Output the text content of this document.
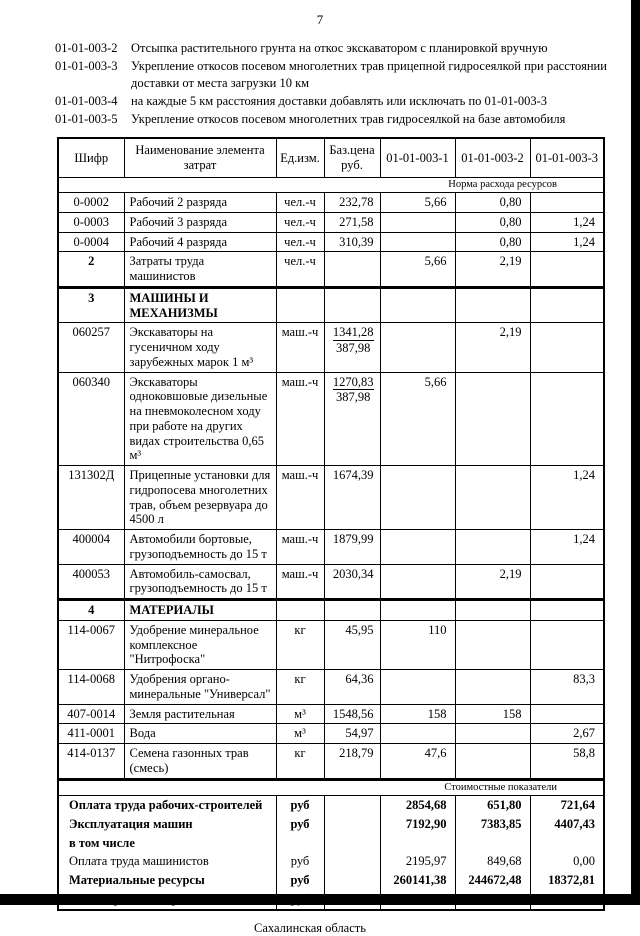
7
01-01-003-2	Отсыпка растительного грунта на откос экскаватором с планировкой вручную
01-01-003-3	Укрепление откосов посевом многолетних трав прицепной гидросеялкой при расстоянии доставки от места загрузки 10 км
01-01-003-4	на каждые 5 км расстояния доставки добавлять или исключать по 01-01-003-3
01-01-003-5	Укрепление откосов посевом многолетних трав гидросеялкой на базе автомобиля
Шифр	Наименование элемента затрат	Ед.изм.	Баз.цена руб.	01-01-003-1	01-01-003-2	01-01-003-3
Норма расхода ресурсов						
0-0002	Рабочий 2 разряда	чел.-ч	232,78	5,66	0,80	
0-0003	Рабочий 3 разряда	чел.-ч	271,58		0,80	1,24
0-0004	Рабочий 4 разряда	чел.-ч	310,39		0,80	1,24
2	Затраты труда машинистов	чел.-ч		5,66	2,19	
3	МАШИНЫ И МЕХАНИЗМЫ					
060257	Экскаваторы на гусеничном ходу зарубежных марок 1 м³	маш.-ч	$\frac{1341,28}{387,98}$		2,19	
060340	Экскаваторы одноковшовые дизельные на пневмоколесном ходу при работе на других видах строительства 0,65 м³	маш.-ч	$\frac{1270,83}{387,98}$	5,66		
131302Д	Прицепные установки для гидропосева многолетних трав, объем резервуара до 4500 л	маш.-ч	1674,39			1,24
400004	Автомобили бортовые, грузоподъемность до 15 т	маш.-ч	1879,99			1,24
400053	Автомобиль-самосвал, грузоподъемность до 15 т	маш.-ч	2030,34		2,19	
4	МАТЕРИАЛЫ					
114-0067	Удобрение минеральное комплексное "Нитрофоска"	кг	45,95	110		
114-0068	Удобрения органо-минеральные "Универсал"	кг	64,36			83,3
407-0014	Земля растительная	м³	1548,56	158	158	
411-0001	Вода	м³	54,97			2,67
414-0137	Семена газонных трав (смесь)	кг	218,79	47,6		58,8
Стоимостные показатели						
Оплата труда рабочих-строителей		руб		2854,68	651,80	721,64
Эксплуатация машин		руб		7192,90	7383,85	4407,43
в том числе						
Оплата труда машинистов		руб		2195,97	849,68	0,00
Материальные ресурсы		руб		260141,38	244672,48	18372,81

Сахалинская область
